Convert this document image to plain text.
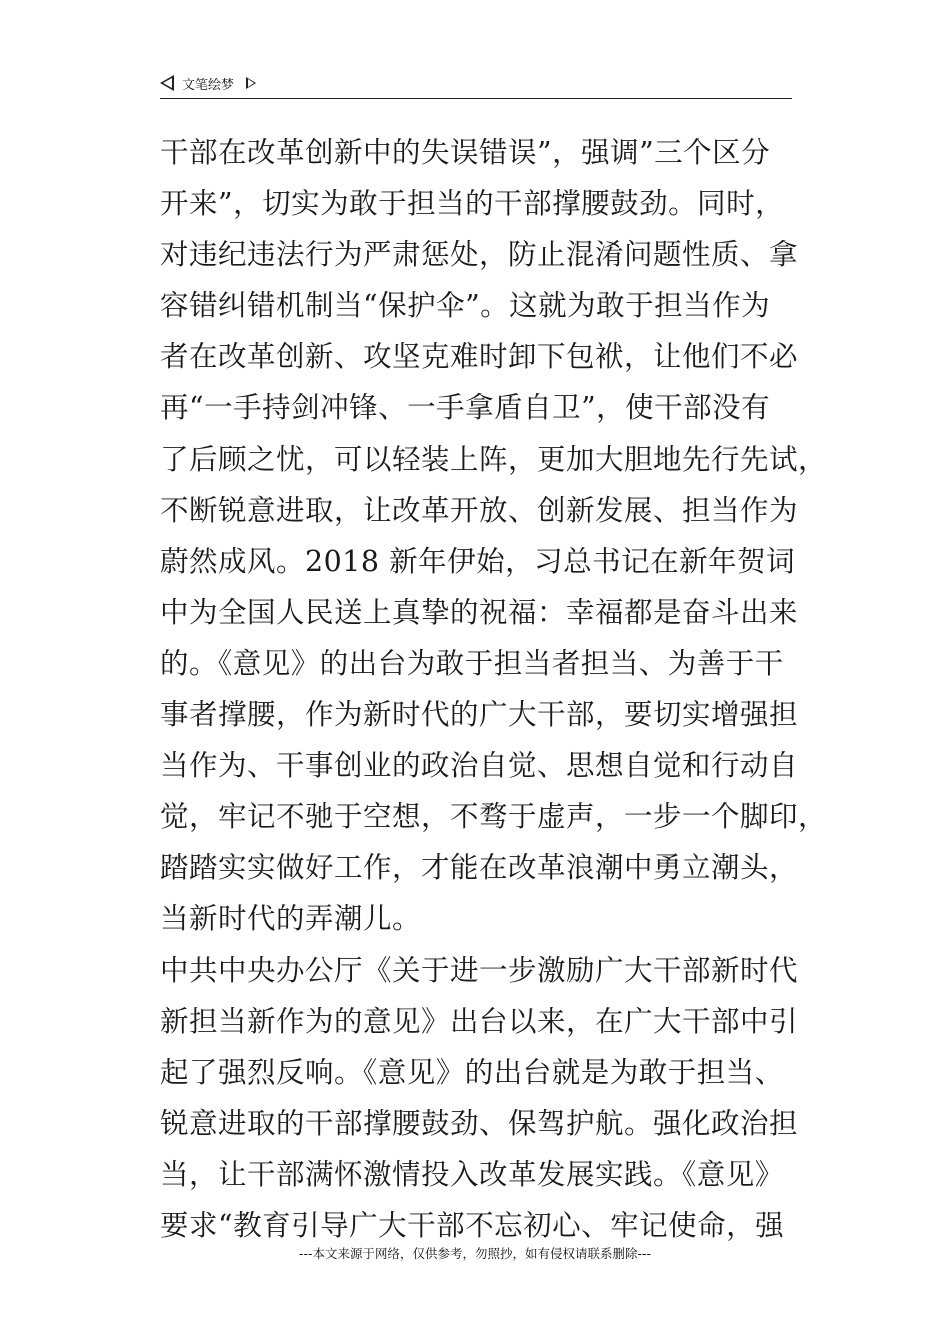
文笔绘梦
干部在改革创新中的失误错误”，强调”三个区分
开来”，切实为敢于担当的干部撑腰鼓劲。同时，
对违纪违法行为严肃惩处，防止混淆问题性质、拿
容错纠错机制当“保护伞”。这就为敢于担当作为
者在改革创新、攻坚克难时卸下包袱，让他们不必
再“一手持剑冲锋、一手拿盾自卫”，使干部没有
了后顾之忧，可以轻装上阵，更加大胆地先行先试，
不断锐意进取，让改革开放、创新发展、担当作为
蔚然成风。2018 新年伊始，习总书记在新年贺词
中为全国人民送上真挚的祝福：幸福都是奋斗出来
的。《意见》的出台为敢于担当者担当、为善于干
事者撑腰，作为新时代的广大干部，要切实增强担
当作为、干事创业的政治自觉、思想自觉和行动自
觉，牢记不驰于空想，不骛于虚声，一步一个脚印，
踏踏实实做好工作，才能在改革浪潮中勇立潮头，
当新时代的弄潮儿。
中共中央办公厅《关于进一步激励广大干部新时代
新担当新作为的意见》出台以来，在广大干部中引
起了强烈反响。《意见》的出台就是为敢于担当、
锐意进取的干部撑腰鼓劲、保驾护航。强化政治担
当，让干部满怀激情投入改革发展实践。《意见》
要求“教育引导广大干部不忘初心、牢记使命，强
---本文来源于网络，仅供参考，勿照抄，如有侵权请联系删除---
